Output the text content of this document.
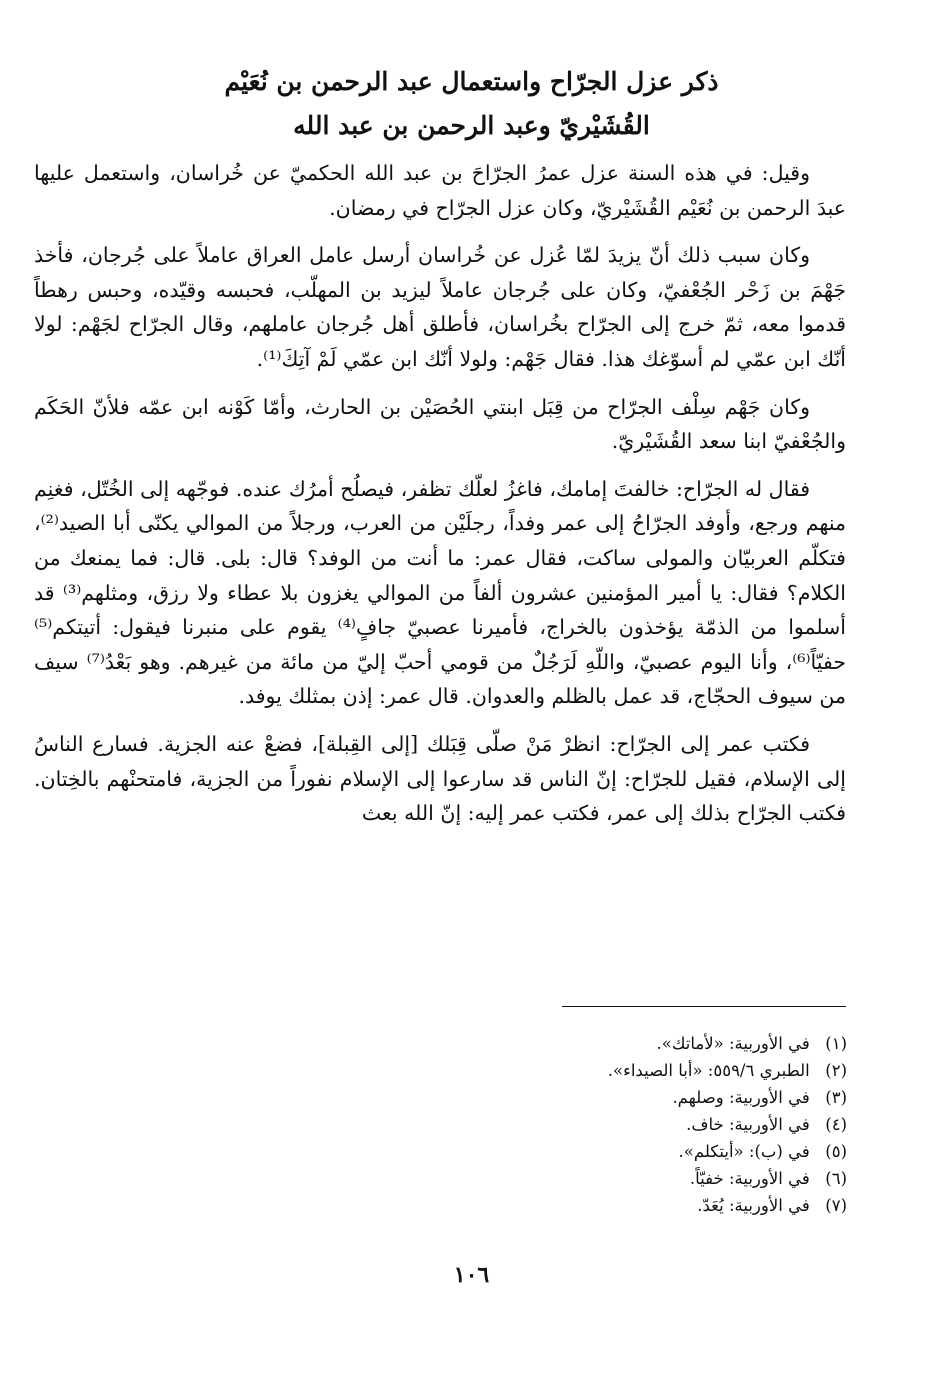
ذكر عزل الجرّاح واستعمال عبد الرحمن بن نُعَيْم
القُشَيْريّ وعبد الرحمن بن عبد الله

وقيل: في هذه السنة عزل عمرُ الجرّاحَ بن عبد الله الحكميّ عن خُراسان، واستعمل عليها عبدَ الرحمن بن نُعَيْم القُشَيْريّ، وكان عزل الجرّاح في رمضان.

وكان سبب ذلك أنّ يزيدَ لمّا عُزل عن خُراسان أرسل عامل العراق عاملاً على جُرجان، فأخذ جَهْمَ بن زَحْر الجُعْفيّ، وكان على جُرجان عاملاً ليزيد بن المهلّب، فحبسه وقيّده، وحبس رهطاً قدموا معه، ثمّ خرج إلى الجرّاح بخُراسان، فأطلق أهل جُرجان عاملهم، وقال الجرّاح لجَهْم: لولا أنّك ابن عمّي لم أسوّغك هذا. فقال جَهْم: ولولا أنّك ابن عمّي لَمْ آتِكَ⁽¹⁾.

وكان جَهْم سِلْف الجرّاح من قِبَل ابنتي الحُصَيْن بن الحارث، وأمّا كَوْنه ابن عمّه فلأنّ الحَكَم والجُعْفيّ ابنا سعد القُشَيْريّ.

فقال له الجرّاح: خالفتَ إمامك، فاغزُ لعلّك تظفر، فيصلُح أمرُك عنده. فوجّهه إلى الخُتّل، فغنِم منهم ورجع، وأوفد الجرّاحُ إلى عمر وفداً، رجلَيْن من العرب، ورجلاً من الموالي يكنّى أبا الصيد⁽²⁾، فتكلّم العربيّان والمولى ساكت، فقال عمر: ما أنت من الوفد؟ قال: بلى. قال: فما يمنعك من الكلام؟ فقال: يا أمير المؤمنين عشرون ألفاً من الموالي يغزون بلا عطاء ولا رزق، ومثلهم⁽³⁾ قد أسلموا من الذمّة يؤخذون بالخراج، فأميرنا عصبيّ جافٍ⁽⁴⁾ يقوم على منبرنا فيقول: أتيتكم⁽⁵⁾ حفيّاً⁽⁶⁾، وأنا اليوم عصبيّ، واللّهِ لَرَجُلٌ من قومي أحبّ إليّ من مائة من غيرهم. وهو بَعْدُ⁽⁷⁾ سيف من سيوف الحجّاج، قد عمل بالظلم والعدوان. قال عمر: إذن بمثلك يوفد.

فكتب عمر إلى الجرّاح: انظرْ مَنْ صلّى قِبَلك [إلى القِبلة]، فضعْ عنه الجزية. فسارع الناسُ إلى الإسلام، فقيل للجرّاح: إنّ الناس قد سارعوا إلى الإسلام نفوراً من الجزية، فامتحنْهم بالخِتان. فكتب الجرّاح بذلك إلى عمر، فكتب عمر إليه: إنّ الله بعث

(١) في الأوربية: «لأماتك».
(٢) الطبري ٥٥٩/٦: «أبا الصيداء».
(٣) في الأوربية: وصلهم.
(٤) في الأوربية: خاف.
(٥) في (ب): «أيتكلم».
(٦) في الأوربية: خفيّاً.
(٧) في الأوربية: يُعَدّ.
١٠٦
